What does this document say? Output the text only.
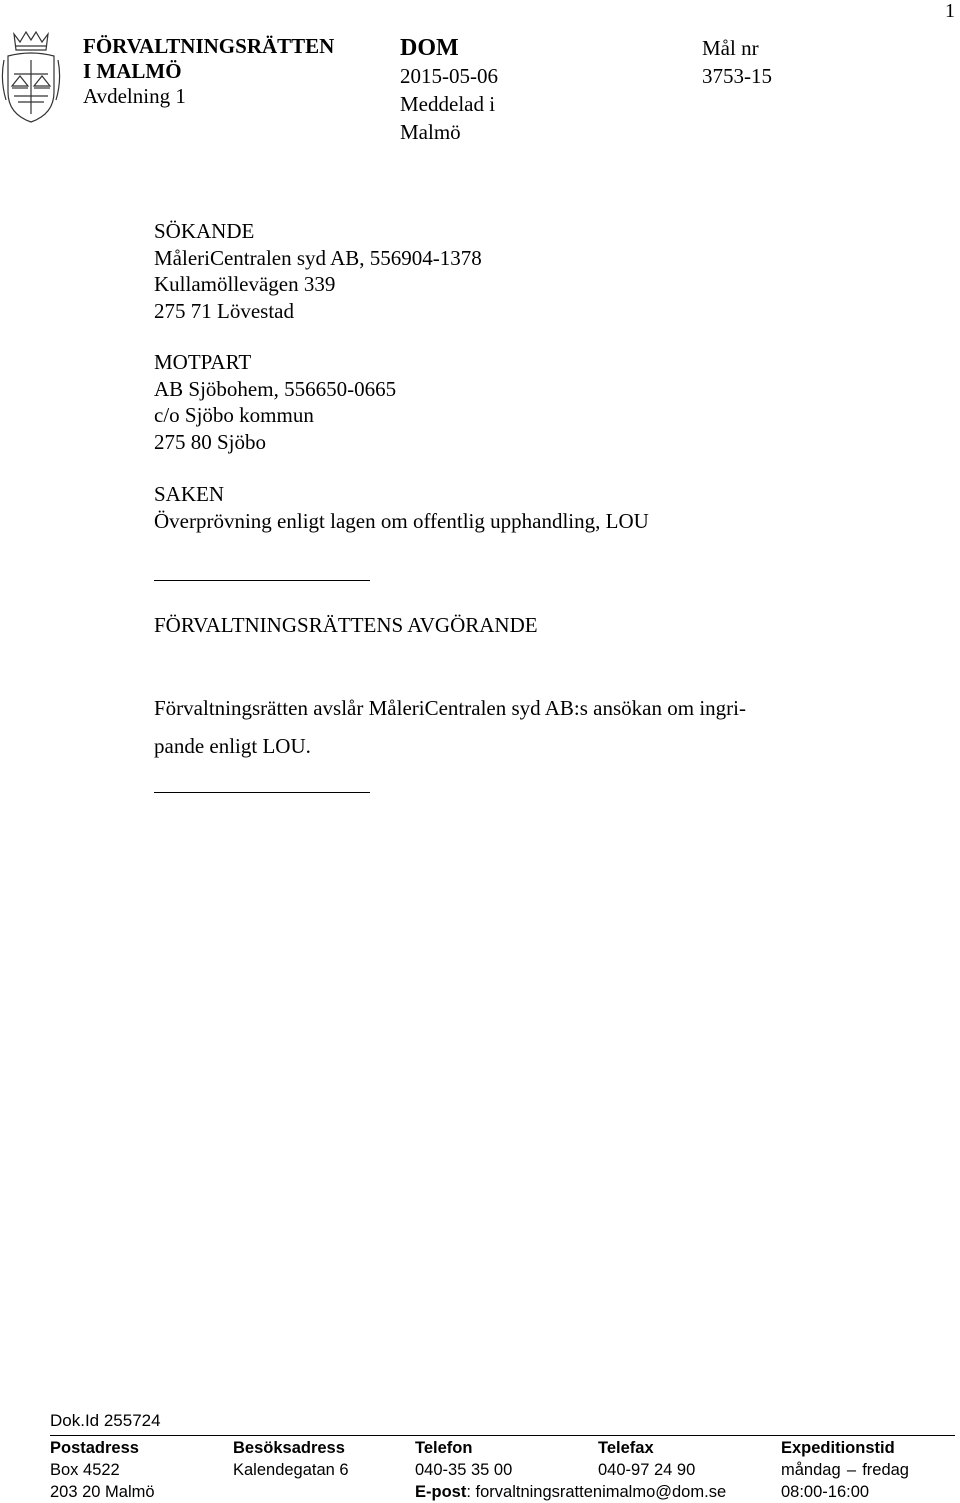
1
FÖRVALTNINGSRÄTTEN
I MALMÖ
Avdelning 1
DOM
2015-05-06
Meddelad i
Malmö
Mål nr
3753-15
SÖKANDE
MåleriCentralen syd AB, 556904-1378
Kullamöllevägen 339
275 71 Lövestad
MOTPART
AB Sjöbohem, 556650-0665
c/o Sjöbo kommun
275 80 Sjöbo
SAKEN
Överprövning enligt lagen om offentlig upphandling, LOU
FÖRVALTNINGSRÄTTENS AVGÖRANDE
Förvaltningsrätten avslår MåleriCentralen syd AB:s ansökan om ingri-
pande enligt LOU.
Dok.Id 255724
Postadress
Box 4522
203 20 Malmö
Besöksadress
Kalendegatan 6
Telefon
040-35 35 00
E-post: forvaltningsrattenimalmo@dom.se
Telefax
040-97 24 90
Expeditionstid
måndag – fredag
08:00-16:00
